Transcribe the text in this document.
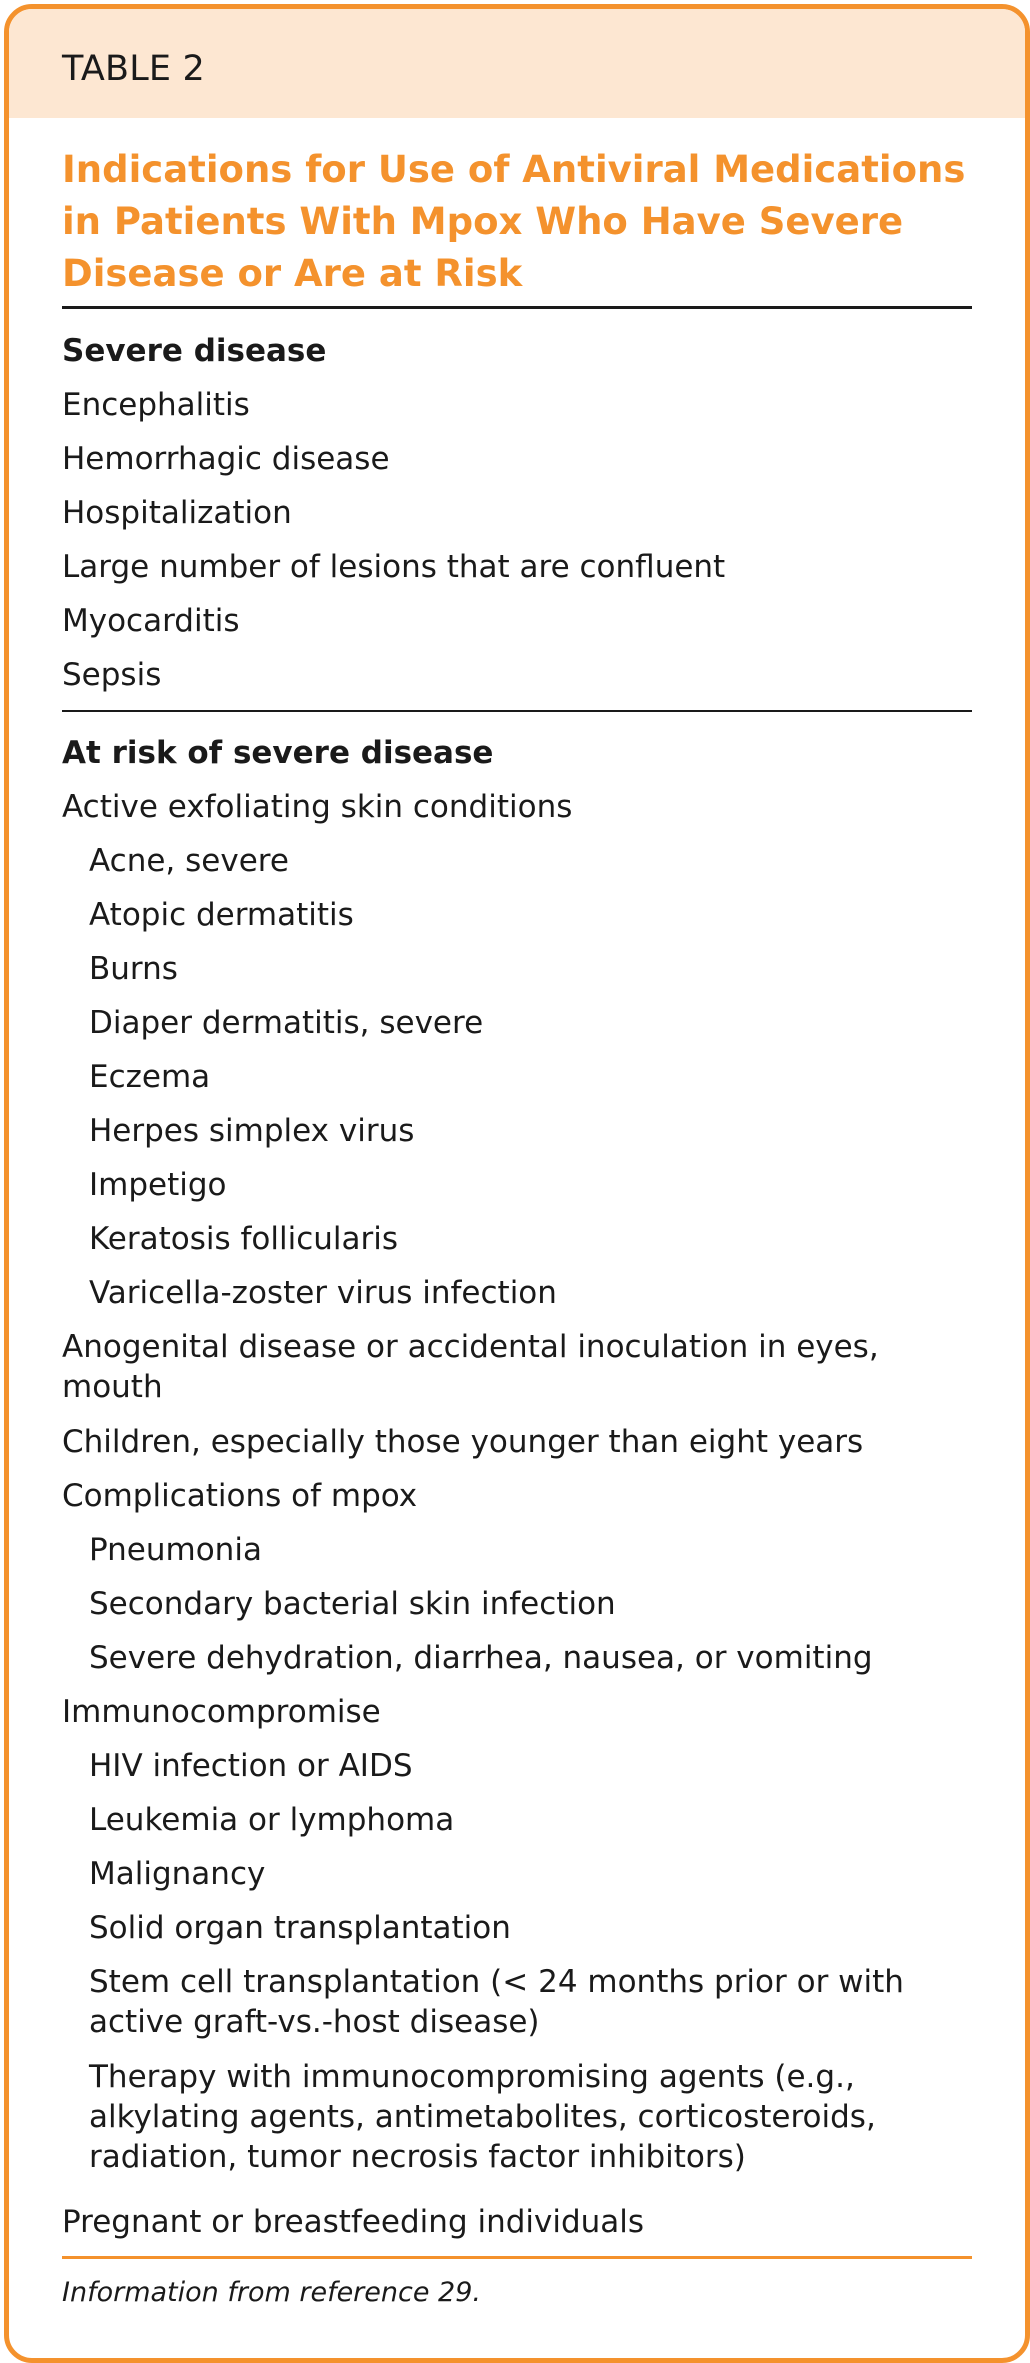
TABLE 2
Indications for Use of Antiviral Medications in Patients With Mpox Who Have Severe Disease or Are at Risk
Severe disease
Encephalitis
Hemorrhagic disease
Hospitalization
Large number of lesions that are confluent
Myocarditis
Sepsis
At risk of severe disease
Active exfoliating skin conditions
Acne, severe
Atopic dermatitis
Burns
Diaper dermatitis, severe
Eczema
Herpes simplex virus
Impetigo
Keratosis follicularis
Varicella-zoster virus infection
Anogenital disease or accidental inoculation in eyes, mouth
Children, especially those younger than eight years
Complications of mpox
Pneumonia
Secondary bacterial skin infection
Severe dehydration, diarrhea, nausea, or vomiting
Immunocompromise
HIV infection or AIDS
Leukemia or lymphoma
Malignancy
Solid organ transplantation
Stem cell transplantation (< 24 months prior or with active graft-vs.-host disease)
Therapy with immunocompromising agents (e.g., alkylating agents, antimetabolites, corticosteroids, radiation, tumor necrosis factor inhibitors)
Pregnant or breastfeeding individuals
Information from reference 29.
